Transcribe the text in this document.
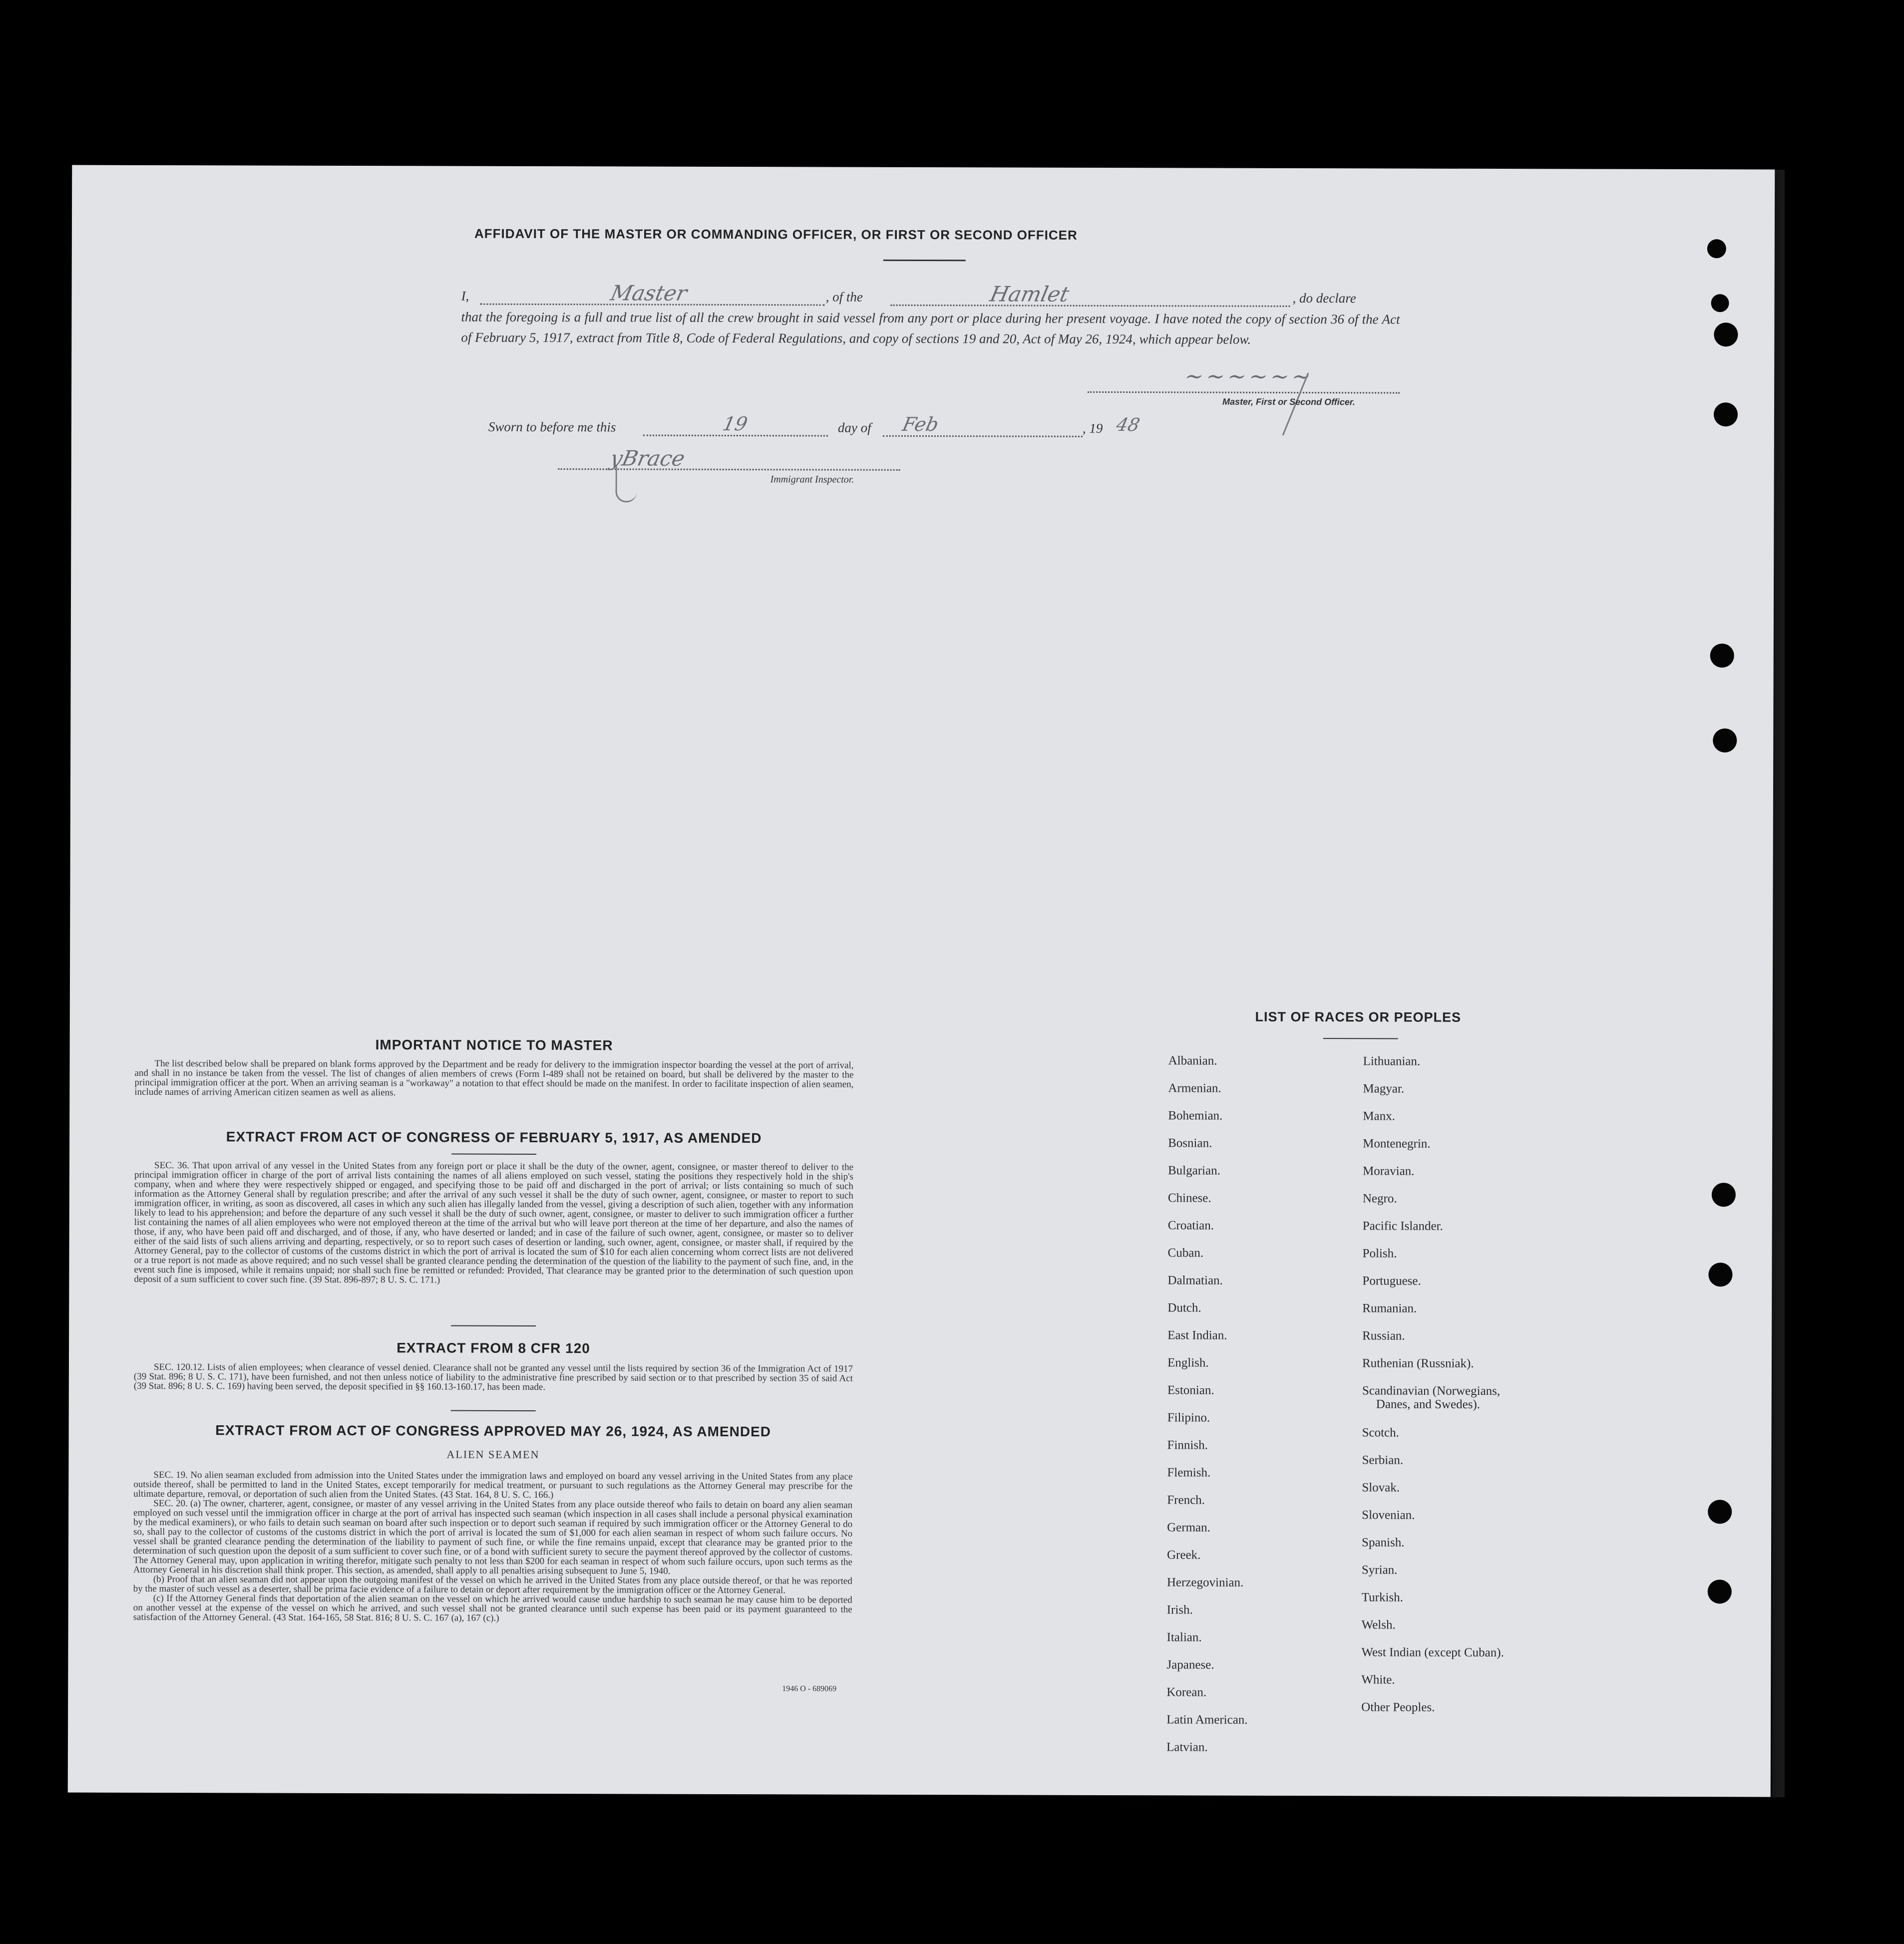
AFFIDAVIT OF THE MASTER OR COMMANDING OFFICER, OR FIRST OR SECOND OFFICER
I,	Master	, of the	Hamlet	, do declare
that the foregoing is a full and true list of all the crew brought in said vessel from any port or place during her present voyage. I have noted the copy of section 36 of the Act of February 5, 1917, extract from Title 8, Code of Federal Regulations, and copy of sections 19 and 20, Act of May 26, 1924, which appear below.
~~~~~~
Master, First or Second Officer.
Sworn to before me this	19	day of Feb	, 19 48
yBrace
Immigrant Inspector.
IMPORTANT NOTICE TO MASTER

The list described below shall be prepared on blank forms approved by the Department and be ready for delivery to the immigration inspector boarding the vessel at the port of arrival, and shall in no instance be taken from the vessel. The list of changes of alien members of crews (Form I-489 shall not be retained on board, but shall be delivered by the master to the principal immigration officer at the port. When an arriving seaman is a "workaway" a notation to that effect should be made on the manifest. In order to facilitate inspection of alien seamen, include names of arriving American citizen seamen as well as aliens.

EXTRACT FROM ACT OF CONGRESS OF FEBRUARY 5, 1917, AS AMENDED

SEC. 36. That upon arrival of any vessel in the United States from any foreign port or place it shall be the duty of the owner, agent, consignee, or master thereof to deliver to the principal immigration officer in charge of the port of arrival lists containing the names of all aliens employed on such vessel, stating the positions they respectively hold in the ship's company, when and where they were respectively shipped or engaged, and specifying those to be paid off and discharged in the port of arrival; or lists containing so much of such information as the Attorney General shall by regulation prescribe; and after the arrival of any such vessel it shall be the duty of such owner, agent, consignee, or master to report to such immigration officer, in writing, as soon as discovered, all cases in which any such alien has illegally landed from the vessel, giving a description of such alien, together with any information likely to lead to his apprehension; and before the departure of any such vessel it shall be the duty of such owner, agent, consignee, or master to deliver to such immigration officer a further list containing the names of all alien employees who were not employed thereon at the time of the arrival but who will leave port thereon at the time of her departure, and also the names of those, if any, who have been paid off and discharged, and of those, if any, who have deserted or landed; and in case of the failure of such owner, agent, consignee, or master so to deliver either of the said lists of such aliens arriving and departing, respectively, or so to report such cases of desertion or landing, such owner, agent, consignee, or master shall, if required by the Attorney General, pay to the collector of customs of the customs district in which the port of arrival is located the sum of $10 for each alien concerning whom correct lists are not delivered or a true report is not made as above required; and no such vessel shall be granted clearance pending the determination of the question of the liability to the payment of such fine, and, in the event such fine is imposed, while it remains unpaid; nor shall such fine be remitted or refunded: Provided, That clearance may be granted prior to the determination of such question upon deposit of a sum sufficient to cover such fine. (39 Stat. 896-897; 8 U. S. C. 171.)

EXTRACT FROM 8 CFR 120

SEC. 120.12. Lists of alien employees; when clearance of vessel denied. Clearance shall not be granted any vessel until the lists required by section 36 of the Immigration Act of 1917 (39 Stat. 896; 8 U. S. C. 171), have been furnished, and not then unless notice of liability to the administrative fine prescribed by said section or to that prescribed by section 35 of said Act (39 Stat. 896; 8 U. S. C. 169) having been served, the deposit specified in §§ 160.13-160.17, has been made.

EXTRACT FROM ACT OF CONGRESS APPROVED MAY 26, 1924, AS AMENDED
ALIEN SEAMEN

SEC. 19. No alien seaman excluded from admission into the United States under the immigration laws and employed on board any vessel arriving in the United States from any place outside thereof, shall be permitted to land in the United States, except temporarily for medical treatment, or pursuant to such regulations as the Attorney General may prescribe for the ultimate departure, removal, or deportation of such alien from the United States. (43 Stat. 164, 8 U. S. C. 166.)

SEC. 20. (a) The owner, charterer, agent, consignee, or master of any vessel arriving in the United States from any place outside thereof who fails to detain on board any alien seaman employed on such vessel until the immigration officer in charge at the port of arrival has inspected such seaman (which inspection in all cases shall include a personal physical examination by the medical examiners), or who fails to detain such seaman on board after such inspection or to deport such seaman if required by such immigration officer or the Attorney General to do so, shall pay to the collector of customs of the customs district in which the port of arrival is located the sum of $1,000 for each alien seaman in respect of whom such failure occurs. No vessel shall be granted clearance pending the determination of the liability to payment of such fine, or while the fine remains unpaid, except that clearance may be granted prior to the determination of such question upon the deposit of a sum sufficient to cover such fine, or of a bond with sufficient surety to secure the payment thereof approved by the collector of customs. The Attorney General may, upon application in writing therefor, mitigate such penalty to not less than $200 for each seaman in respect of whom such failure occurs, upon such terms as the Attorney General in his discretion shall think proper. This section, as amended, shall apply to all penalties arising subsequent to June 5, 1940.

(b) Proof that an alien seaman did not appear upon the outgoing manifest of the vessel on which he arrived in the United States from any place outside thereof, or that he was reported by the master of such vessel as a deserter, shall be prima facie evidence of a failure to detain or deport after requirement by the immigration officer or the Attorney General.

(c) If the Attorney General finds that deportation of the alien seaman on the vessel on which he arrived would cause undue hardship to such seaman he may cause him to be deported on another vessel at the expense of the vessel on which he arrived, and such vessel shall not be granted clearance until such expense has been paid or its payment guaranteed to the satisfaction of the Attorney General. (43 Stat. 164-165, 58 Stat. 816; 8 U. S. C. 167 (a), 167 (c).)

1946 O - 689069
LIST OF RACES OR PEOPLES
Albanian.
Armenian.
Bohemian.
Bosnian.
Bulgarian.
Chinese.
Croatian.
Cuban.
Dalmatian.
Dutch.
East Indian.
English.
Estonian.
Filipino.
Finnish.
Flemish.
French.
German.
Greek.
Herzegovinian.
Irish.
Italian.
Japanese.
Korean.
Latin American.
Latvian.
Lithuanian.
Magyar.
Manx.
Montenegrin.
Moravian.
Negro.
Pacific Islander.
Polish.
Portuguese.
Rumanian.
Russian.
Ruthenian (Russniak).
Scandinavian (Norwegians,
Danes, and Swedes).
Scotch.
Serbian.
Slovak.
Slovenian.
Spanish.
Syrian.
Turkish.
Welsh.
West Indian (except Cuban).
White.
Other Peoples.
